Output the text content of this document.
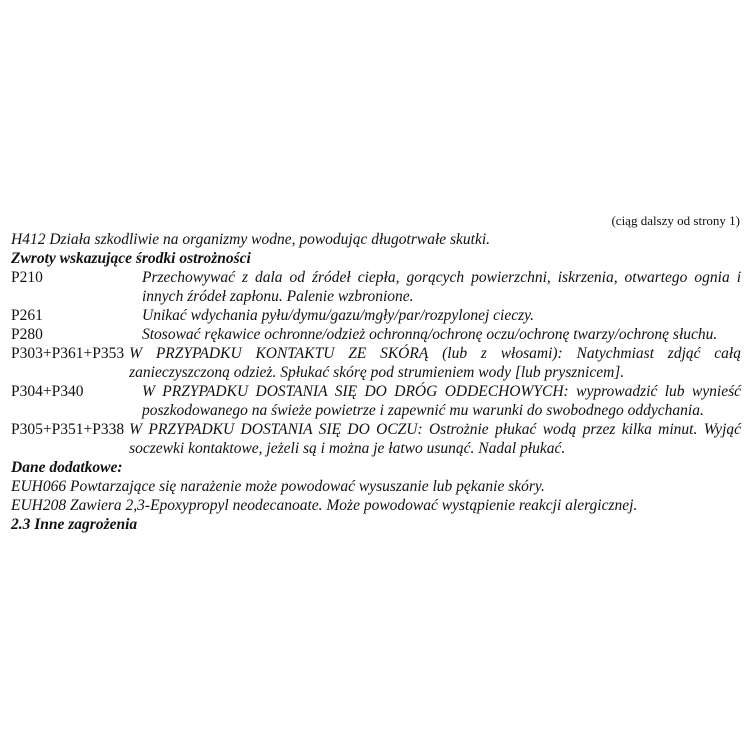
(ciąg dalszy od strony 1)
H412 Działa szkodliwie na organizmy wodne, powodując długotrwałe skutki.
Zwroty wskazujące środki ostrożności
P210	Przechowywać z dala od źródeł ciepła, gorących powierzchni, iskrzenia, otwartego ognia i innych źródeł zapłonu. Palenie wzbronione.
P261	Unikać wdychania pyłu/dymu/gazu/mgły/par/rozpylonej cieczy.
P280	Stosować rękawice ochronne/odzież ochronną/ochronę oczu/ochronę twarzy/ochronę słuchu.
P303+P361+P353 W PRZYPADKU KONTAKTU ZE SKÓRĄ (lub z włosami): Natychmiast zdjąć całą zanieczyszczoną odzież. Spłukać skórę pod strumieniem wody [lub prysznicem].
P304+P340	W PRZYPADKU DOSTANIA SIĘ DO DRÓG ODDECHOWYCH: wyprowadzić lub wynieść poszkodowanego na świeże powietrze i zapewnić mu warunki do swobodnego oddychania.
P305+P351+P338 W PRZYPADKU DOSTANIA SIĘ DO OCZU: Ostrożnie płukać wodą przez kilka minut. Wyjąć soczewki kontaktowe, jeżeli są i można je łatwo usunąć. Nadal płukać.
Dane dodatkowe:
EUH066 Powtarzające się narażenie może powodować wysuszanie lub pękanie skóry.
EUH208 Zawiera 2,3-Epoxypropyl neodecanoate. Może powodować wystąpienie reakcji alergicznej.
2.3 Inne zagrożenia
